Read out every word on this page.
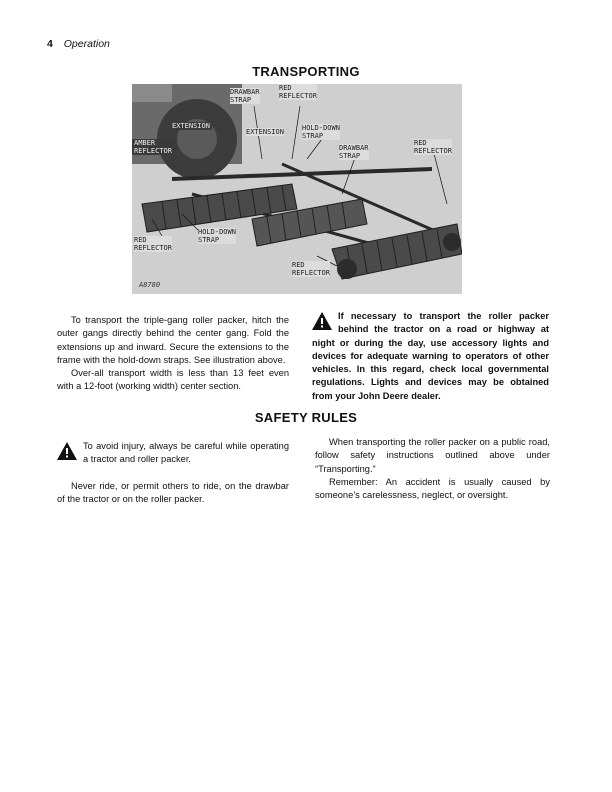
4 Operation
TRANSPORTING
DRAWBAR
STRAP
RED
REFLECTOR
EXTENSION
EXTENSION	HOLD-DOWN
STRAP
AMBER
REFLECTOR	DRAWBAR
STRAP
RED
REFLECTOR
HOLD-DOWN
STRAP
RED
REFLECTOR
RED
REFLECTOR
A8780

To transport the triple-gang roller packer, hitch the outer gangs directly behind the center gang. Fold the extensions up and inward. Secure the extensions to the frame with the hold-down straps. See illustration above.

Over-all transport width is less than 13 feet even with a 12-foot (working width) center section.

If necessary to transport the roller packer behind the tractor on a road or highway at night or during the day, use accessory lights and devices for adequate warning to operators of other vehicles. In this regard, check local governmental regulations. Lights and devices may be obtained from your John Deere dealer.
SAFETY RULES

To avoid injury, always be careful while operating a tractor and roller packer.

Never ride, or permit others to ride, on the drawbar of the tractor or on the roller packer.

When transporting the roller packer on a public road, follow safety instructions outlined above under “Transporting.”

Remember: An accident is usually caused by someone’s carelessness, neglect, or oversight.
